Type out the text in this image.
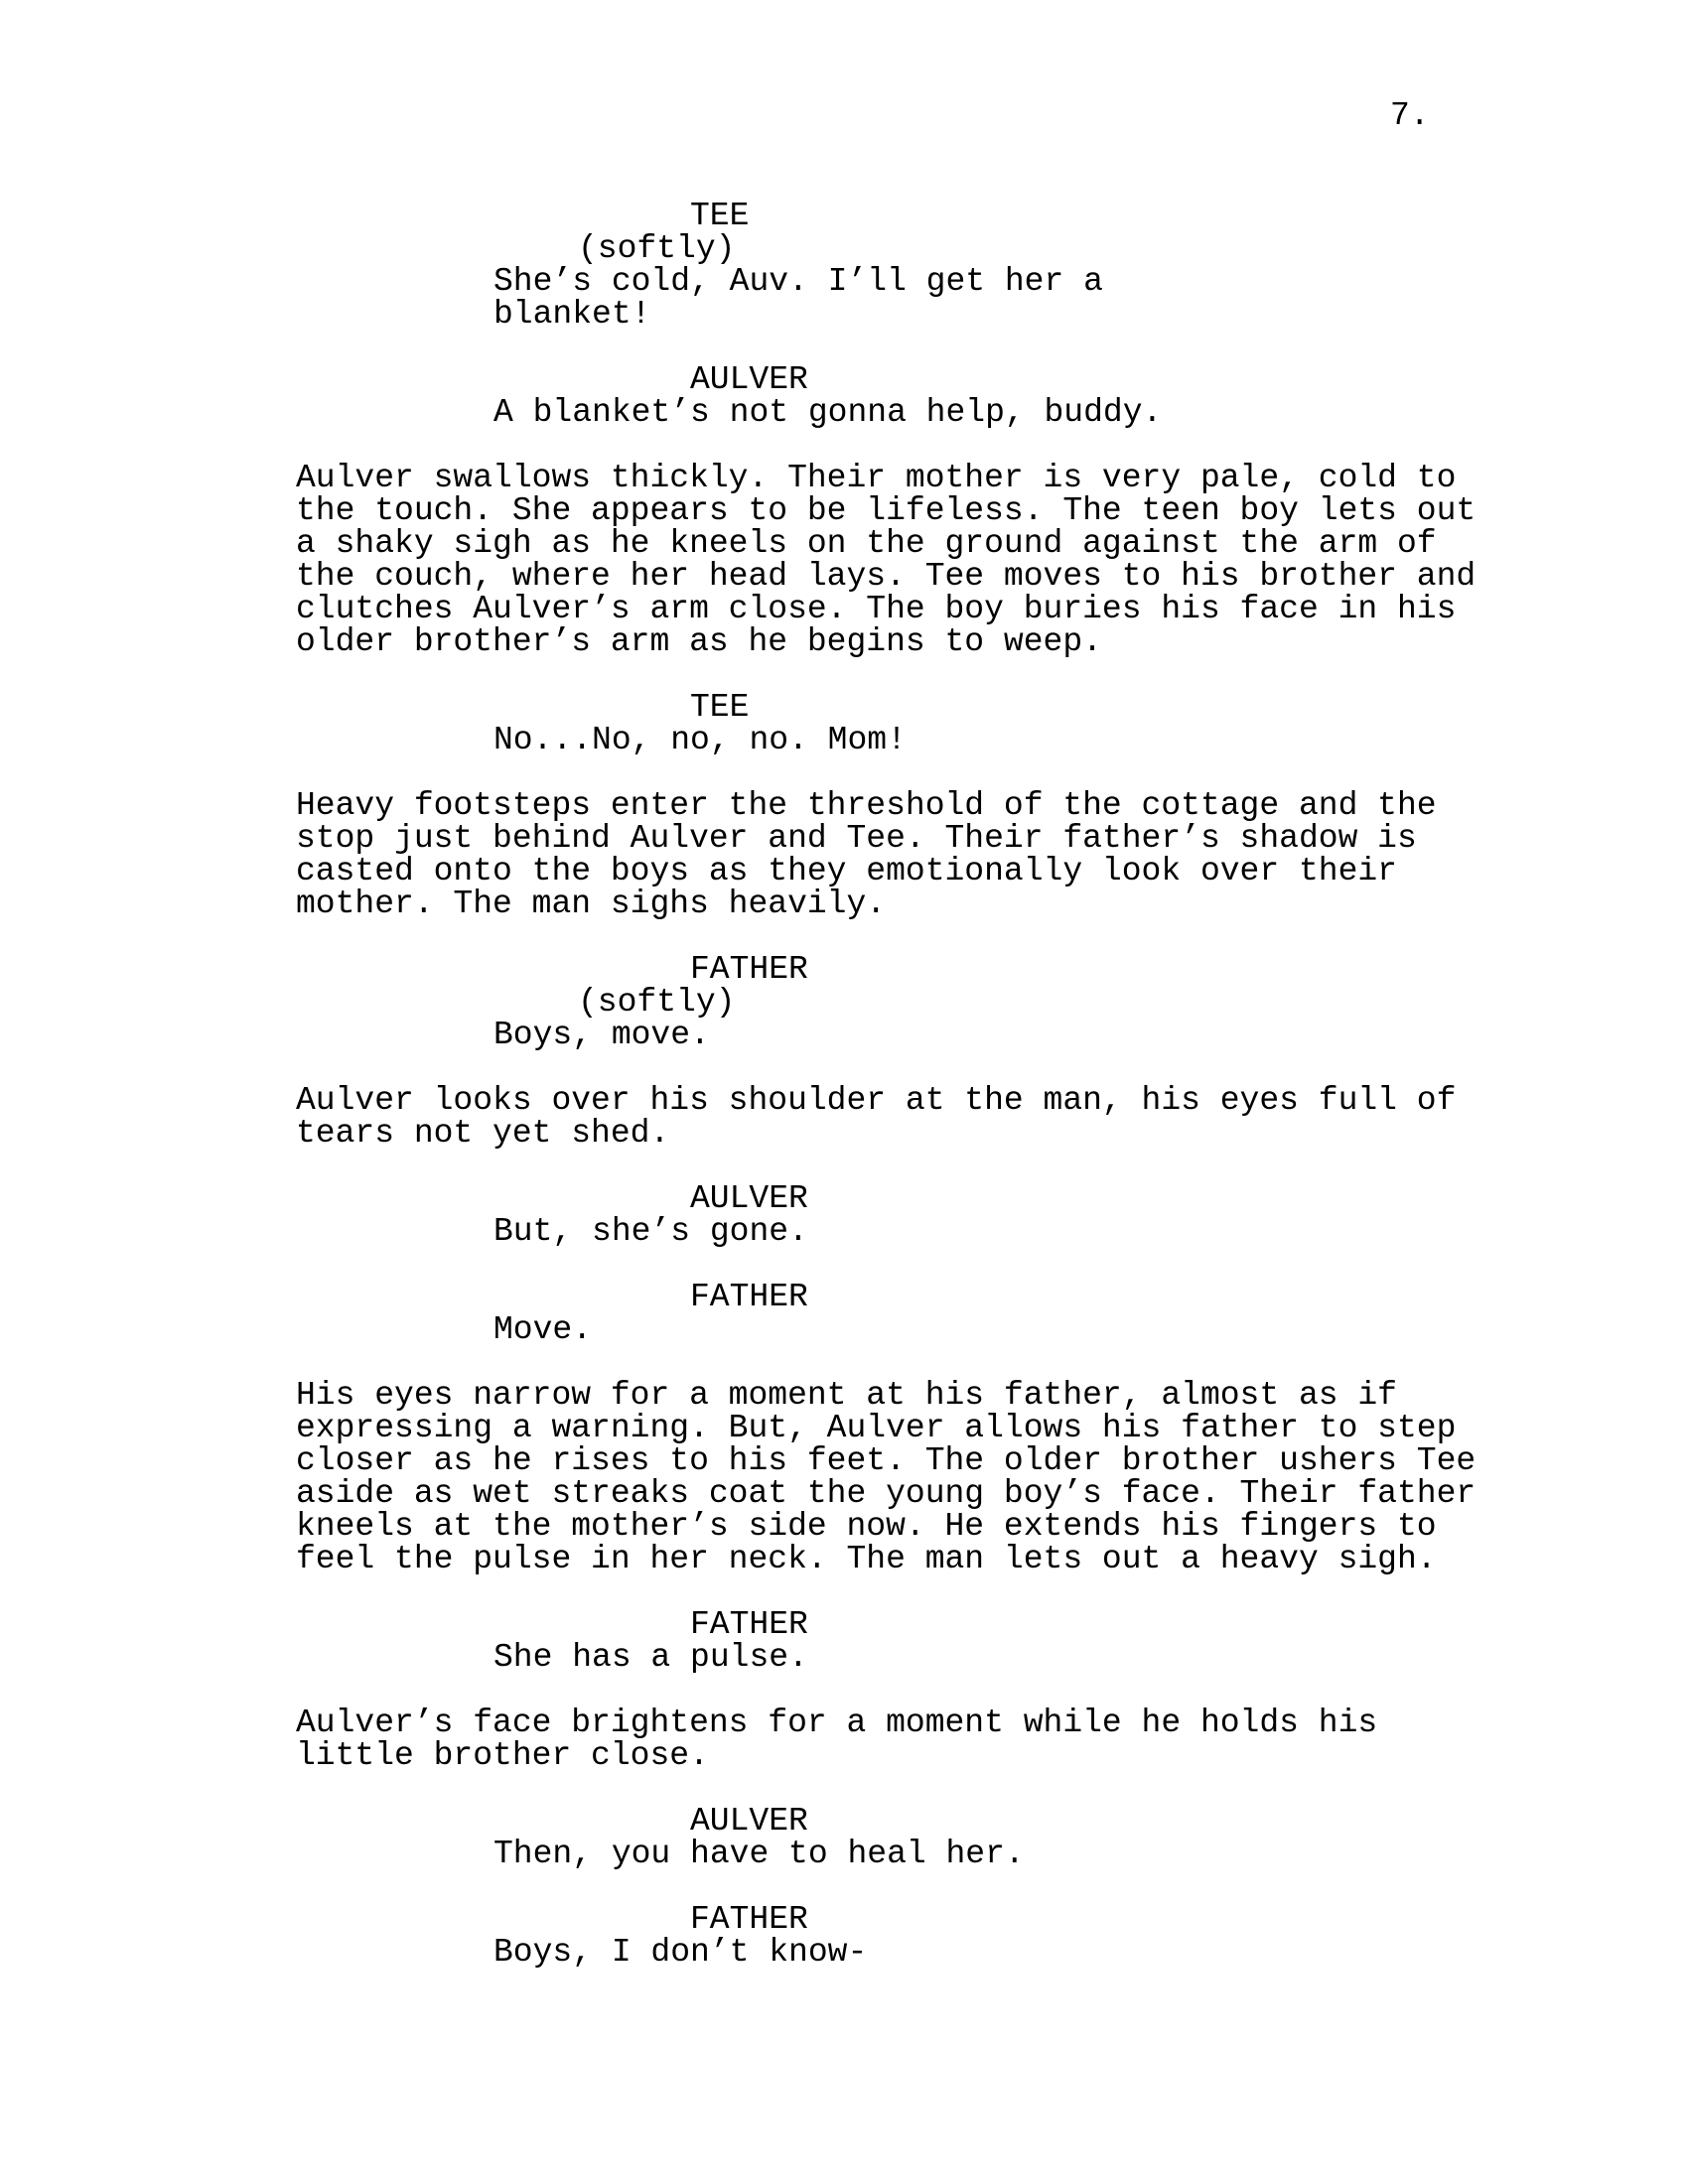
7.
TEE
(softly)
She’s cold, Auv. I’ll get her a
blanket!
AULVER
A blanket’s not gonna help, buddy.
Aulver swallows thickly. Their mother is very pale, cold to
the touch. She appears to be lifeless. The teen boy lets out
a shaky sigh as he kneels on the ground against the arm of
the couch, where her head lays. Tee moves to his brother and
clutches Aulver’s arm close. The boy buries his face in his
older brother’s arm as he begins to weep.
TEE
No...No, no, no. Mom!
Heavy footsteps enter the threshold of the cottage and the
stop just behind Aulver and Tee. Their father’s shadow is
casted onto the boys as they emotionally look over their
mother. The man sighs heavily.
FATHER
(softly)
Boys, move.
Aulver looks over his shoulder at the man, his eyes full of
tears not yet shed.
AULVER
But, she’s gone.
FATHER
Move.
His eyes narrow for a moment at his father, almost as if
expressing a warning. But, Aulver allows his father to step
closer as he rises to his feet. The older brother ushers Tee
aside as wet streaks coat the young boy’s face. Their father
kneels at the mother’s side now. He extends his fingers to
feel the pulse in her neck. The man lets out a heavy sigh.
FATHER
She has a pulse.
Aulver’s face brightens for a moment while he holds his
little brother close.
AULVER
Then, you have to heal her.
FATHER
Boys, I don’t know-
